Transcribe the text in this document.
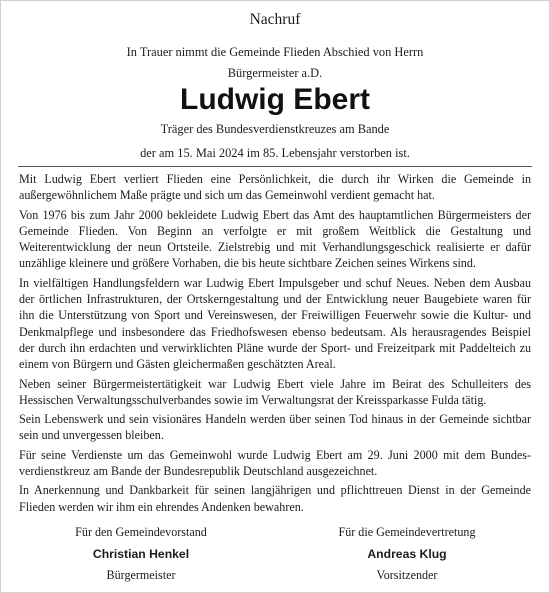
Nachruf
In Trauer nimmt die Gemeinde Flieden Abschied von Herrn
Bürgermeister a.D.
Ludwig Ebert
Träger des Bundesverdienstkreuzes am Bande
der am 15. Mai 2024 im 85. Lebensjahr verstorben ist.

Mit Ludwig Ebert verliert Flieden eine Persönlichkeit, die durch ihr Wirken die Gemeinde in außergewöhnlichem Maße prägte und sich um das Gemeinwohl verdient gemacht hat.

Von 1976 bis zum Jahr 2000 bekleidete Ludwig Ebert das Amt des hauptamtlichen Bürgermeisters der Gemeinde Flieden. Von Beginn an verfolgte er mit großem Weitblick die Gestaltung und Weiterentwicklung der neun Ortsteile. Zielstrebig und mit Verhandlungsgeschick realisierte er dafür unzählige kleinere und größere Vorhaben, die bis heute sichtbare Zeichen seines Wirkens sind.

In vielfältigen Handlungsfeldern war Ludwig Ebert Impulsgeber und schuf Neues. Neben dem Ausbau der örtlichen Infrastrukturen, der Ortskerngestaltung und der Entwicklung neuer Baugebiete waren für ihn die Unterstützung von Sport und Vereinswesen, der Freiwilligen Feuerwehr sowie die Kultur- und Denkmalpflege und insbesondere das Friedhofswesen ebenso bedeutsam. Als herausragendes Beispiel der durch ihn erdachten und verwirklichten Pläne wurde der Sport- und Freizeitpark mit Paddelteich zu einem von Bürgern und Gästen gleichermaßen geschätzten Areal.

Neben seiner Bürgermeistertätigkeit war Ludwig Ebert viele Jahre im Beirat des Schulleiters des Hessischen Verwaltungsschulverbandes sowie im Verwaltungsrat der Kreissparkasse Fulda tätig.

Sein Lebenswerk und sein visionäres Handeln werden über seinen Tod hinaus in der Gemeinde sichtbar sein und unvergessen bleiben.

Für seine Verdienste um das Gemeinwohl wurde Ludwig Ebert am 29. Juni 2000 mit dem Bundesverdienstkreuz am Bande der Bundesrepublik Deutschland ausgezeichnet.

In Anerkennung und Dankbarkeit für seinen langjährigen und pflichttreuen Dienst in der Gemeinde Flieden werden wir ihm ein ehrendes Andenken bewahren.

Für den Gemeindevorstand
Christian Henkel
Bürgermeister
Für die Gemeindevertretung
Andreas Klug
Vorsitzender
